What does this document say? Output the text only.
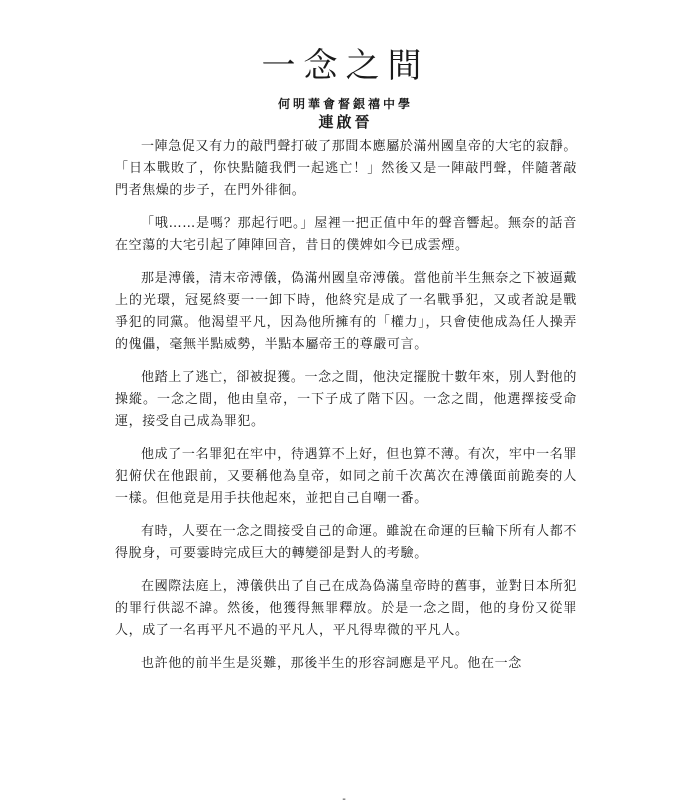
一念之間
何明華會督銀禧中學
連啟晉

一陣急促又有力的敲門聲打破了那間本應屬於滿州國皇帝的大宅的寂靜。「日本戰敗了，你快點隨我們一起逃亡！」然後又是一陣敲門聲，伴隨著敲門者焦燥的步子，在門外徘徊。

「哦……是嗎？那起行吧。」屋裡一把正值中年的聲音響起。無奈的話音在空蕩的大宅引起了陣陣回音，昔日的僕婢如今已成雲煙。

那是溥儀，清末帝溥儀，偽滿州國皇帝溥儀。當他前半生無奈之下被逼戴上的光環，冠冕終要一一卸下時，他終究是成了一名戰爭犯，又或者說是戰爭犯的同黨。他渴望平凡，因為他所擁有的「權力」，只會使他成為任人操弄的傀儡，毫無半點威勢，半點本屬帝王的尊嚴可言。

他踏上了逃亡，卻被捉獲。一念之間，他決定擺脫十數年來，別人對他的操縱。一念之間，他由皇帝，一下子成了階下囚。一念之間，他選擇接受命運，接受自己成為罪犯。

他成了一名罪犯在牢中，待遇算不上好，但也算不薄。有次，牢中一名罪犯俯伏在他跟前，又要稱他為皇帝，如同之前千次萬次在溥儀面前跪奏的人一樣。但他竟是用手扶他起來，並把自己自嘲一番。

有時，人要在一念之間接受自己的命運。雖說在命運的巨輪下所有人都不得脫身，可要霎時完成巨大的轉變卻是對人的考驗。

在國際法庭上，溥儀供出了自己在成為偽滿皇帝時的舊事，並對日本所犯的罪行供認不諱。然後，他獲得無罪釋放。於是一念之間，他的身份又從罪人，成了一名再平凡不過的平凡人，平凡得卑微的平凡人。

也許他的前半生是災難，那後半生的形容詞應是平凡。他在一念

-
